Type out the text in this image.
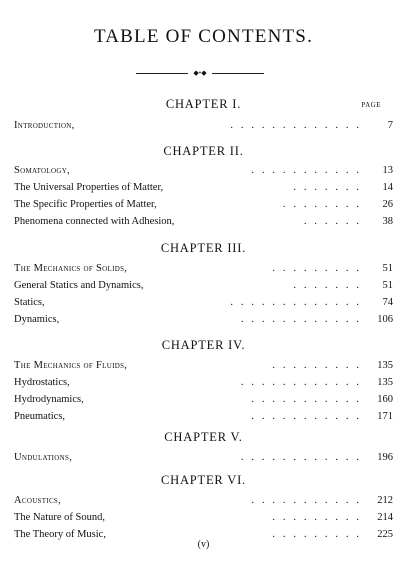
TABLE OF CONTENTS.
◆•◆
PAGE
CHAPTER I.
Introduction,	.   .   .   .   .   .   .   .   .   .   .   .   .	7
CHAPTER II.
Somatology,	.   .   .   .   .   .   .   .   .   .   .	13
The Universal Properties of Matter,	.   .   .   .   .   .   .	14
The Specific Properties of Matter,	.   .   .   .   .   .   .   .	26
Phenomena connected with Adhesion,	.   .   .   .   .   .	38
CHAPTER III.
The Mechanics of Solids,	.   .   .   .   .   .   .   .   .	51
General Statics and Dynamics,	.   .   .   .   .   .   .	51
Statics,	.   .   .   .   .   .   .   .   .   .   .   .   .	74
Dynamics,	.   .   .   .   .   .   .   .   .   .   .   .	106
CHAPTER IV.
The Mechanics of Fluids,	.   .   .   .   .   .   .   .   .	135
Hydrostatics,	.   .   .   .   .   .   .   .   .   .   .   .	135
Hydrodynamics,	.   .   .   .   .   .   .   .   .   .   .	160
Pneumatics,	.   .   .   .   .   .   .   .   .   .   .	171
CHAPTER V.
Undulations,	.   .   .   .   .   .   .   .   .   .   .   .	196
CHAPTER VI.
Acoustics,	.   .   .   .   .   .   .   .   .   .   .	212
The Nature of Sound,	.   .   .   .   .   .   .   .   .	214
The Theory of Music,	.   .   .   .   .   .   .   .   .	225
(v)
